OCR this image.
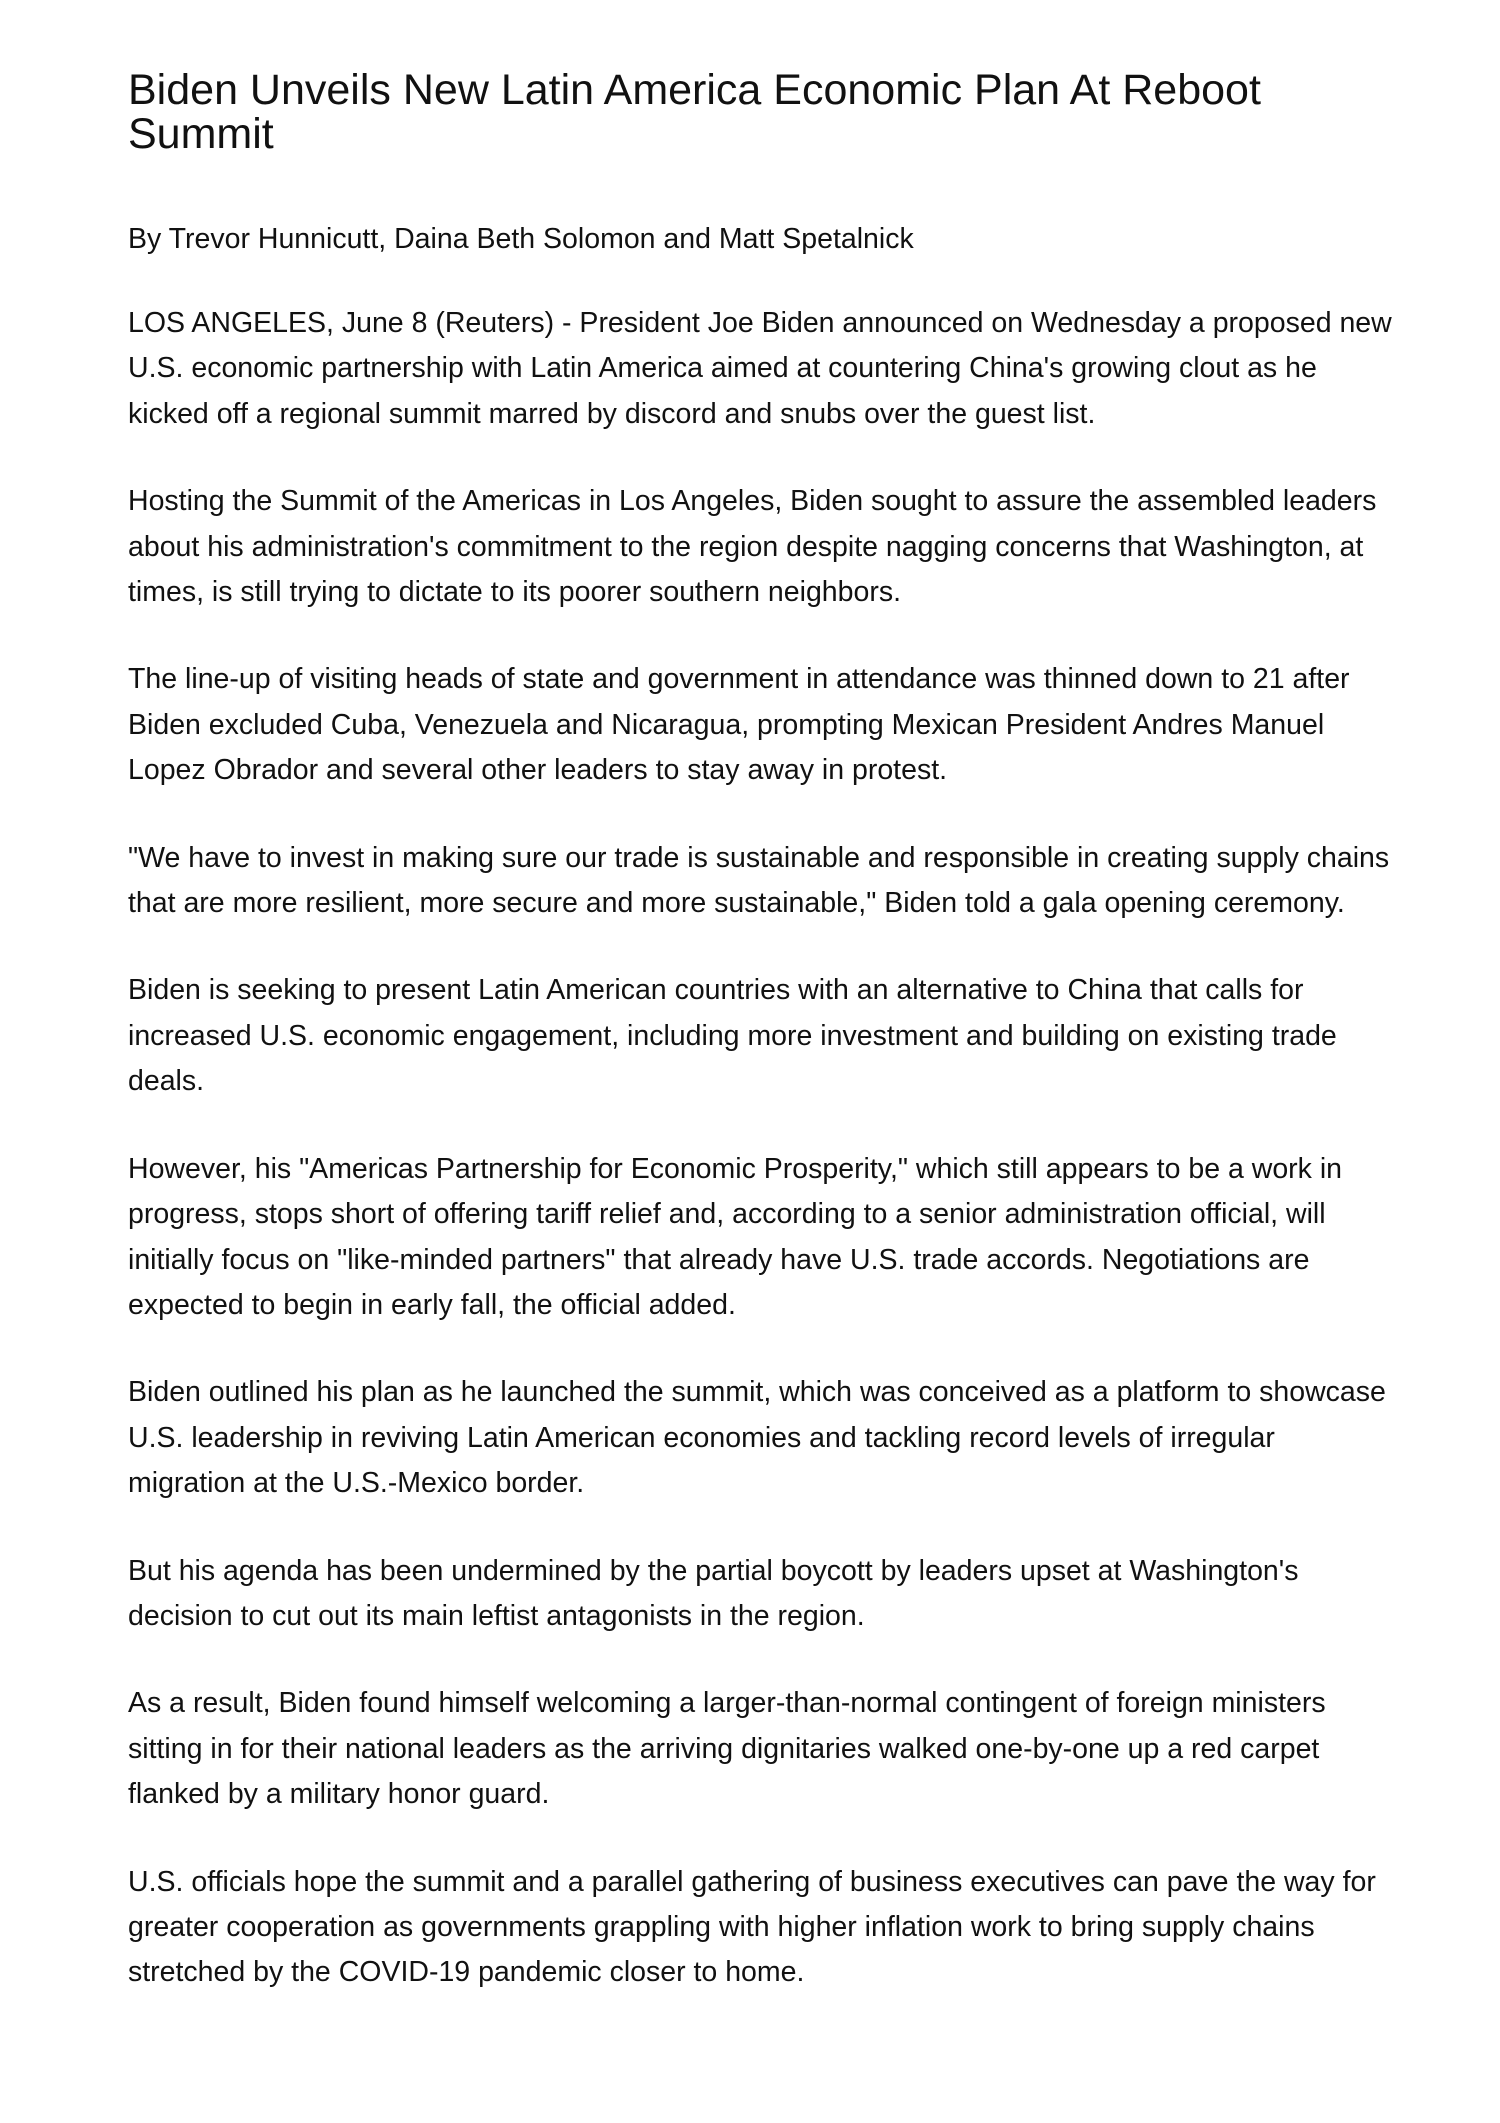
Biden Unveils New Latin America Economic Plan At Reboot Summit

By Trevor Hunnicutt, Daina Beth Solomon and Matt Spetalnick

LOS ANGELES, June 8 (Reuters) - President Joe Biden announced on Wednesday a proposed new U.S. economic partnership with Latin America aimed at countering China's growing clout as he kicked off a regional summit marred by discord and snubs over the guest list.

Hosting the Summit of the Americas in Los Angeles, Biden sought to assure the assembled leaders about his administration's commitment to the region despite nagging concerns that Washington, at times, is still trying to dictate to its poorer southern neighbors.

The line-up of visiting heads of state and government in attendance was thinned down to 21 after Biden excluded Cuba, Venezuela and Nicaragua, prompting Mexican President Andres Manuel Lopez Obrador and several other leaders to stay away in protest.

"We have to invest in making sure our trade is sustainable and responsible in creating supply chains that are more resilient, more secure and more sustainable," Biden told a gala opening ceremony.

Biden is seeking to present Latin American countries with an alternative to China that calls for increased U.S. economic engagement, including more investment and building on existing trade deals.

However, his "Americas Partnership for Economic Prosperity," which still appears to be a work in progress, stops short of offering tariff relief and, according to a senior administration official, will initially focus on "like-minded partners" that already have U.S. trade accords. Negotiations are expected to begin in early fall, the official added.

Biden outlined his plan as he launched the summit, which was conceived as a platform to showcase U.S. leadership in reviving Latin American economies and tackling record levels of irregular migration at the U.S.-Mexico border.

But his agenda has been undermined by the partial boycott by leaders upset at Washington's decision to cut out its main leftist antagonists in the region.

As a result, Biden found himself welcoming a larger-than-normal contingent of foreign ministers sitting in for their national leaders as the arriving dignitaries walked one-by-one up a red carpet flanked by a military honor guard.

U.S. officials hope the summit and a parallel gathering of business executives can pave the way for greater cooperation as governments grappling with higher inflation work to bring supply chains stretched by the COVID-19 pandemic closer to home.
